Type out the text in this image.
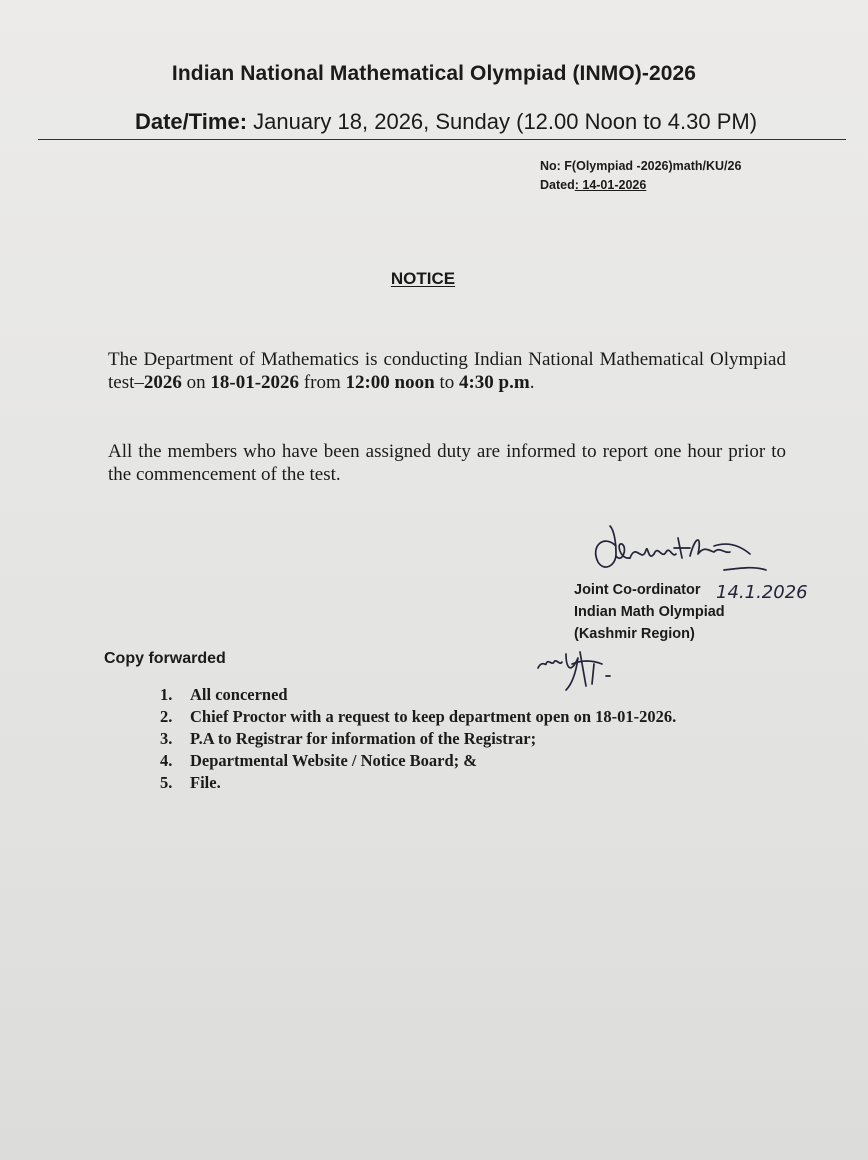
Indian National Mathematical Olympiad (INMO)-2026
Date/Time: January 18, 2026, Sunday (12.00 Noon to 4.30 PM)
No: F(Olympiad -2026)math/KU/26
Dated: 14-01-2026
NOTICE
The Department of Mathematics is conducting Indian National Mathematical Olympiad test–2026 on 18-01-2026 from 12:00 noon to 4:30 p.m.
All the members who have been assigned duty are informed to report one hour prior to the commencement of the test.
14.1.2026
Joint Co-ordinator
Indian Math Olympiad
(Kashmir Region)
Copy forwarded
1. All concerned
2. Chief Proctor with a request to keep department open on 18-01-2026.
3. P.A to Registrar for information of the Registrar;
4. Departmental Website / Notice Board; &
5. File.
